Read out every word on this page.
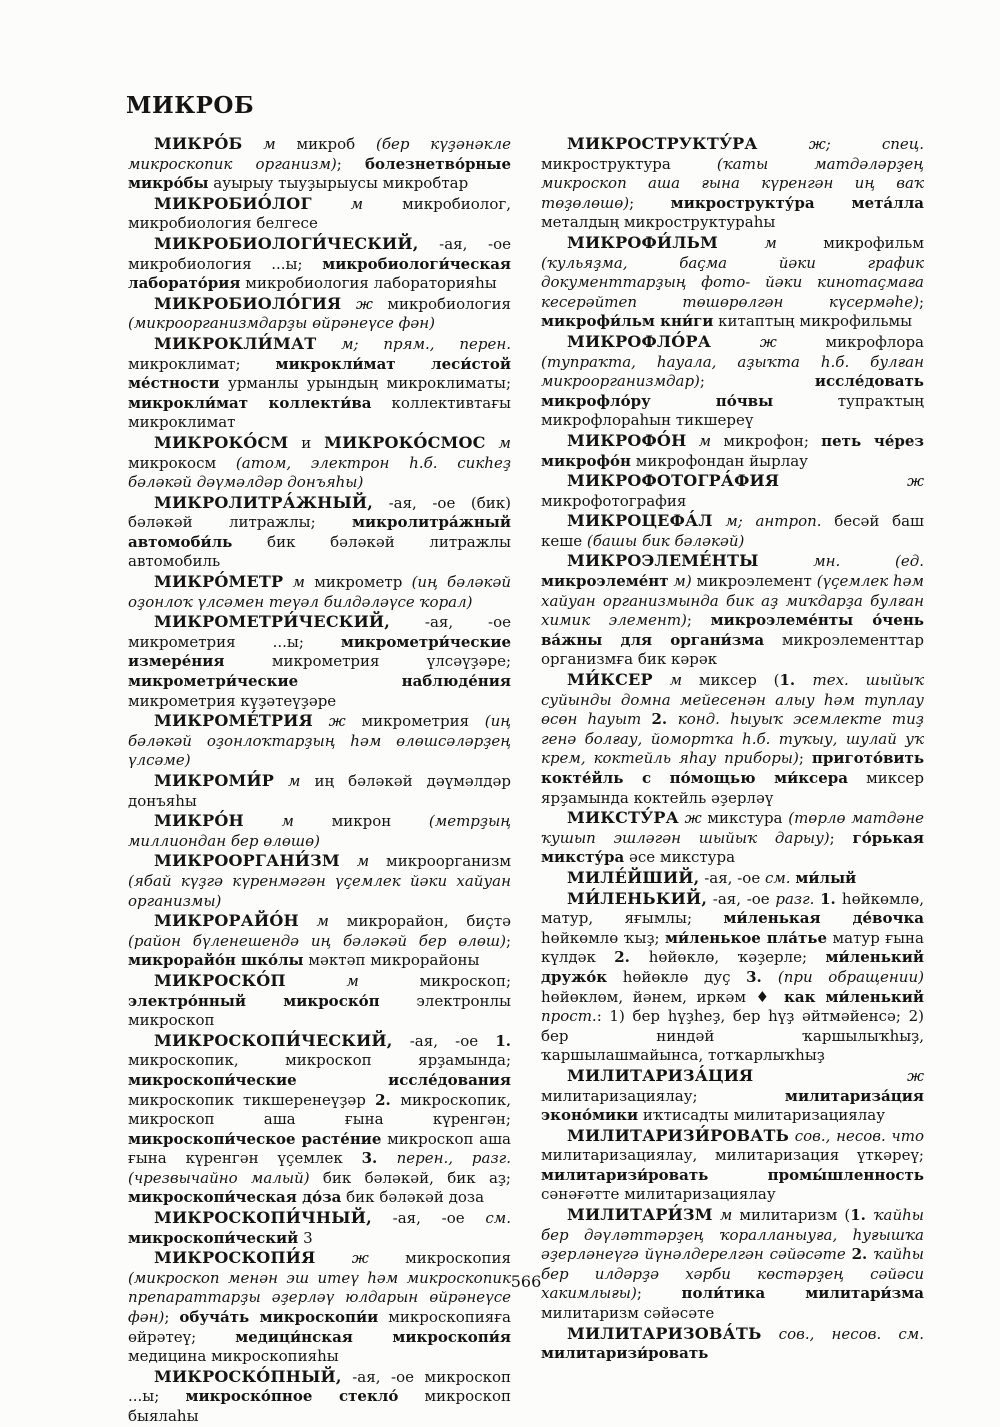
МИКРОБ

МИКРО́Б м микроб (бер күҙәнәкле микроскопик организм); болезнетво́рные микро́бы ауырыу тыуҙырыусы микробтар

МИКРОБИО́ЛОГ м микробиолог, микробиология белгесе

МИКРОБИОЛОГИ́ЧЕСКИЙ, -ая, -ое микробиология ...ы; микробиологи́ческая лаборато́рия микробиология лабораторияһы

МИКРОБИОЛО́ГИЯ ж микробиология (микроорганизмдарҙы өйрәнеүсе фән)

МИКРОКЛИ́МАТ м; прям., перен. микроклимат; микрокли́мат леси́стой ме́стности урманлы урындың микроклиматы; микрокли́мат коллекти́ва коллективтағы микроклимат

МИКРОКО́СМ и МИКРОКО́СМОС м микрокосм (атом, электрон һ.б. сикһеҙ бәләкәй дәүмәлдәр донъяһы)

МИКРОЛИТРА́ЖНЫЙ, -ая, -ое (бик) бәләкәй литражлы; микролитра́жный автомоби́ль бик бәләкәй литражлы автомобиль

МИКРО́МЕТР м микрометр (иң бәләкәй оҙонлоҡ үлсәмен теүәл билдәләүсе ҡорал)

МИКРОМЕТРИ́ЧЕСКИЙ, -ая, -ое микрометрия ...ы; микрометри́ческие измере́ния микрометрия үлсәүҙәре; микрометри́ческие наблюде́ния микрометрия күҙәтеүҙәре

МИКРОМЕ́ТРИЯ ж микрометрия (иң бәләкәй оҙонлоҡтарҙың һәм өлөшсәләрҙең үлсәме)

МИКРОМИ́Р м иң бәләкәй дәүмәлдәр донъяһы

МИКРО́Н м микрон (метрҙың миллиондан бер өлөшө)

МИКРООРГАНИ́ЗМ м микроорганизм (ябай күҙгә күренмәгән үҫемлек йәки хайуан организмы)

МИКРОРАЙО́Н м микрорайон, биҫтә (район бүленешендә иң бәләкәй бер өлөш); микрорайо́н шко́лы мәктәп микрорайоны

МИКРОСКО́П м микроскоп; электро́нный микроско́п электронлы микроскоп

МИКРОСКОПИ́ЧЕСКИЙ, -ая, -ое 1. микроскопик, микроскоп ярҙамында; микроскопи́ческие иссле́дования микроскопик тикшеренеүҙәр 2. микроскопик, микроскоп аша ғына күренгән; микроскопи́ческое расте́ние микроскоп аша ғына күренгән үҫемлек 3. перен., разг. (чрезвычайно малый) бик бәләкәй, бик аҙ; микроскопи́ческая до́за бик бәләкәй доза

МИКРОСКОПИ́ЧНЫЙ, -ая, -ое см. микроскопи́ческий 3

МИКРОСКОПИ́Я ж микроскопия (микроскоп менән эш итеү һәм микроскопик препараттарҙы әҙерләү юлдарын өйрәнеүсе фән); обуча́ть микроскопи́и микроскопияға өйрәтеү; медици́нская микроскопи́я медицина микроскопияһы

МИКРОСКО́ПНЫЙ, -ая, -ое микроскоп ...ы; микроско́пное стекло́ микроскоп быялаһы

МИКРОСТРУКТУ́РА ж; спец. микроструктура (ҡаты матдәләрҙең микроскоп аша ғына күренгән иң ваҡ төҙөлөшө); микрострукту́ра мета́лла металдың микроструктураһы

МИКРОФИ́ЛЬМ м микрофильм (ҡульяҙма, баҫма йәки график документтарҙың фото- йәки кинотаҫмаға кесерәйтеп төшөрөлгән күсермәһе); микрофи́льм кни́ги китаптың микрофильмы

МИКРОФЛО́РА ж микрофлора (тупраҡта, һауала, аҙыҡта һ.б. булған микроорганизмдар); иссле́довать микрофло́ру по́чвы тупраҡтың микрофлораһын тикшереү

МИКРОФО́Н м микрофон; петь че́рез микрофо́н микрофондан йырлау

МИКРОФОТОГРА́ФИЯ ж микрофотография

МИКРОЦЕФА́Л м; антроп. бесәй баш кеше (башы бик бәләкәй)

МИКРОЭЛЕМЕ́НТЫ мн. (ед. микроэлеме́нт м) микроэлемент (үҫемлек һәм хайуан организмында бик аҙ миҡдарҙа булған химик элемент); микроэлеме́нты о́чень ва́жны для органи́зма микроэлементтар организмға бик кәрәк

МИ́КСЕР м миксер (1. тех. шыйыҡ суйынды домна мейесенән алыу һәм туплау өсөн һауыт 2. конд. һыуыҡ эсемлекте тиҙ генә болғау, йомортҡа һ.б. туҡыу, шулай уҡ крем, коктейль яһау приборы); пригото́вить кокте́йль с по́мощью ми́ксера миксер ярҙамында коктейль әҙерләү

МИКСТУ́РА ж микстура (төрлө матдәне ҡушып эшләгән шыйыҡ дарыу); го́рькая миксту́ра әсе микстура

МИЛЕ́ЙШИЙ, -ая, -ое см. ми́лый

МИ́ЛЕНЬКИЙ, -ая, -ое разг. 1. һөйкөмлө, матур, яғымлы; ми́ленькая де́вочка һөйкөмлө ҡыҙ; ми́ленькое пла́тье матур ғына күлдәк 2. һөйөклө, ҡәҙерле; ми́ленький дружо́к һөйөклө дуҫ 3. (при обращении) һөйөклөм, йәнем, иркәм ♦ как ми́ленький прост.: 1) бер һүҙһеҙ, бер һүҙ әйтмәйенсә; 2) бер ниндәй ҡаршылыҡһыҙ, ҡаршылашмайынса, тотҡарлыҡһыҙ

МИЛИТАРИЗА́ЦИЯ ж милитаризациялау; милитариза́ция эконо́мики иҡтисадты милитаризациялау

МИЛИТАРИЗИ́РОВАТЬ сов., несов. что милитаризациялау, милитаризация үткәреү; милитаризи́ровать промы́шленность сәнәғәтте милитаризациялау

МИЛИТАРИ́ЗМ м милитаризм (1. ҡайһы бер дәүләттәрҙең ҡоралланыуға, һуғышҡа әҙерләнеүгә йүнәлдерелгән сәйәсәте 2. ҡайһы бер илдәрҙә хәрби көстәрҙең сәйәси хакимлығы); поли́тика милитари́зма милитаризм сәйәсәте

МИЛИТАРИЗОВА́ТЬ сов., несов. см. милитаризи́ровать

566
